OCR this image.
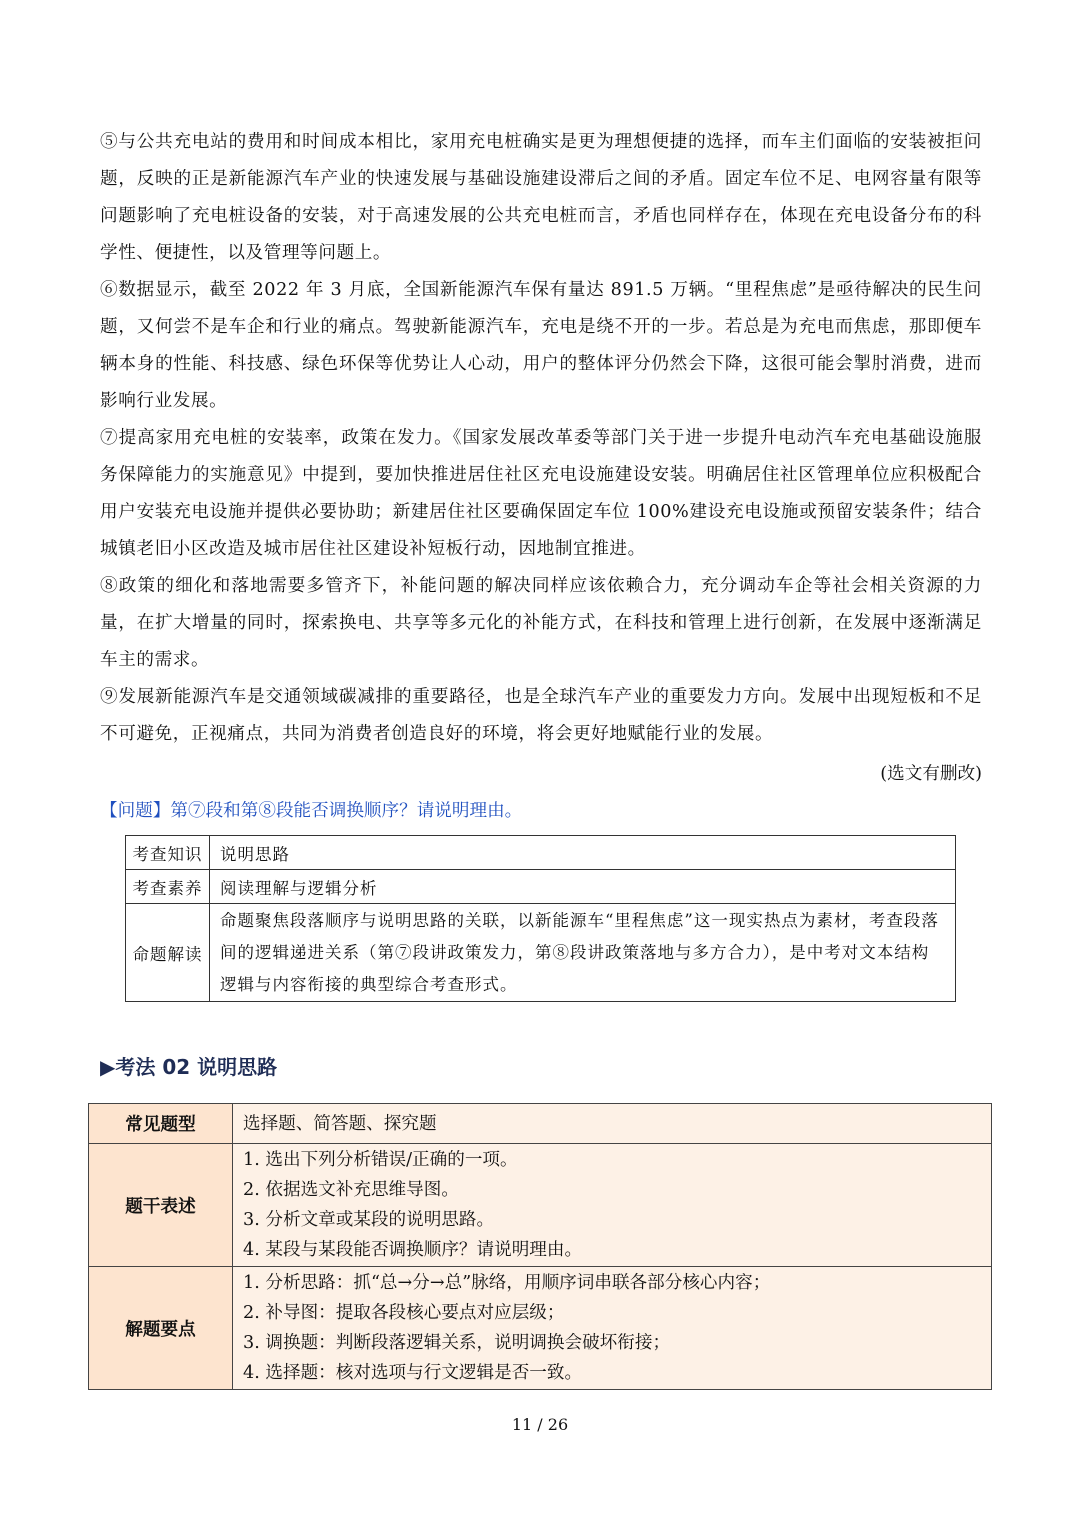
⑤与公共充电站的费用和时间成本相比，家用充电桩确实是更为理想便捷的选择，而车主们面临的安装被拒问题，反映的正是新能源汽车产业的快速发展与基础设施建设滞后之间的矛盾。固定车位不足、电网容量有限等问题影响了充电桩设备的安装，对于高速发展的公共充电桩而言，矛盾也同样存在，体现在充电设备分布的科学性、便捷性，以及管理等问题上。

⑥数据显示，截至 2022 年 3 月底，全国新能源汽车保有量达 891.5 万辆。“里程焦虑”是亟待解决的民生问题，又何尝不是车企和行业的痛点。驾驶新能源汽车，充电是绕不开的一步。若总是为充电而焦虑，那即便车辆本身的性能、科技感、绿色环保等优势让人心动，用户的整体评分仍然会下降，这很可能会掣肘消费，进而影响行业发展。

⑦提高家用充电桩的安装率，政策在发力。《国家发展改革委等部门关于进一步提升电动汽车充电基础设施服务保障能力的实施意见》中提到，要加快推进居住社区充电设施建设安装。明确居住社区管理单位应积极配合用户安装充电设施并提供必要协助；新建居住社区要确保固定车位 100%建设充电设施或预留安装条件；结合城镇老旧小区改造及城市居住社区建设补短板行动，因地制宜推进。

⑧政策的细化和落地需要多管齐下，补能问题的解决同样应该依赖合力，充分调动车企等社会相关资源的力量，在扩大增量的同时，探索换电、共享等多元化的补能方式，在科技和管理上进行创新，在发展中逐渐满足车主的需求。

⑨发展新能源汽车是交通领域碳减排的重要路径，也是全球汽车产业的重要发力方向。发展中出现短板和不足不可避免，正视痛点，共同为消费者创造良好的环境，将会更好地赋能行业的发展。

(选文有删改)
【问题】第⑦段和第⑧段能否调换顺序？请说明理由。
考查知识	说明思路
考查素养	阅读理解与逻辑分析
命题解读	命题聚焦段落顺序与说明思路的关联，以新能源车“里程焦虑”这一现实热点为素材，考查段落间的逻辑递进关系（第⑦段讲政策发力，第⑧段讲政策落地与多方合力），是中考对文本结构逻辑与内容衔接的典型综合考查形式。
▶考法 02 说明思路
常见题型	选择题、简答题、探究题
题干表述	1. 选出下列分析错误/正确的一项。
2. 依据选文补充思维导图。
3. 分析文章或某段的说明思路。
4. 某段与某段能否调换顺序？请说明理由。

解题要点	1. 分析思路：抓“总→分→总”脉络，用顺序词串联各部分核心内容；
2. 补导图：提取各段核心要点对应层级；
3. 调换题：判断段落逻辑关系，说明调换会破坏衔接；
4. 选择题：核对选项与行文逻辑是否一致。
11 / 26
